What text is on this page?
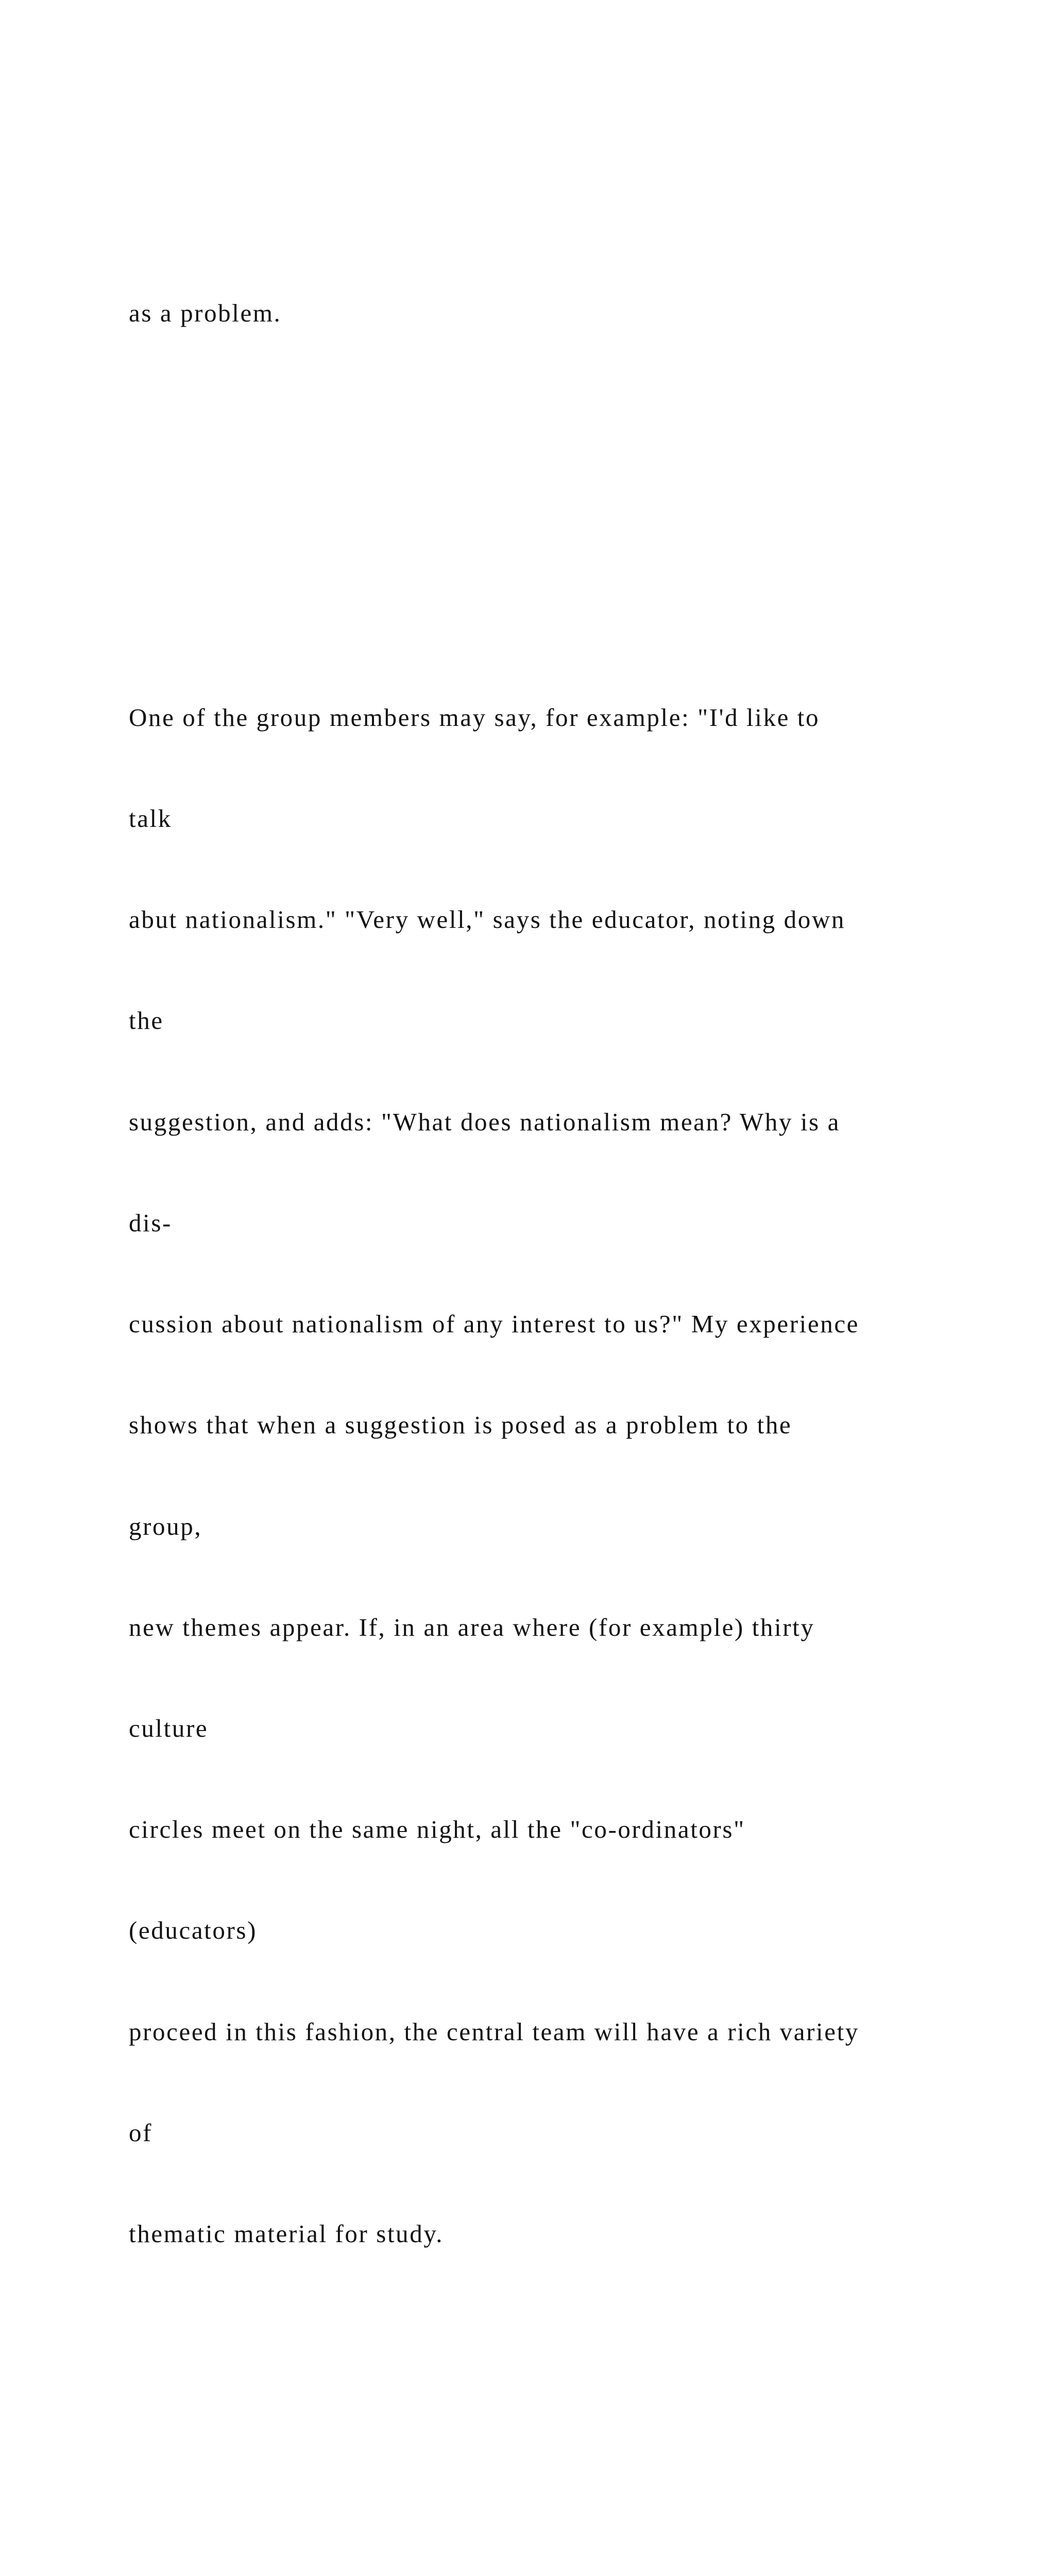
as a problem.

One of the group members may say, for example: "I'd like to

talk

abut nationalism." "Very well," says the educator, noting down

the

suggestion, and adds: "What does nationalism mean? Why is a

dis-

cussion about nationalism of any interest to us?" My experience

shows that when a suggestion is posed as a problem to the

group,

new themes appear. If, in an area where (for example) thirty

culture

circles meet on the same night, all the "co-ordinators"

(educators)

proceed in this fashion, the central team will have a rich variety

of

thematic material for study.
